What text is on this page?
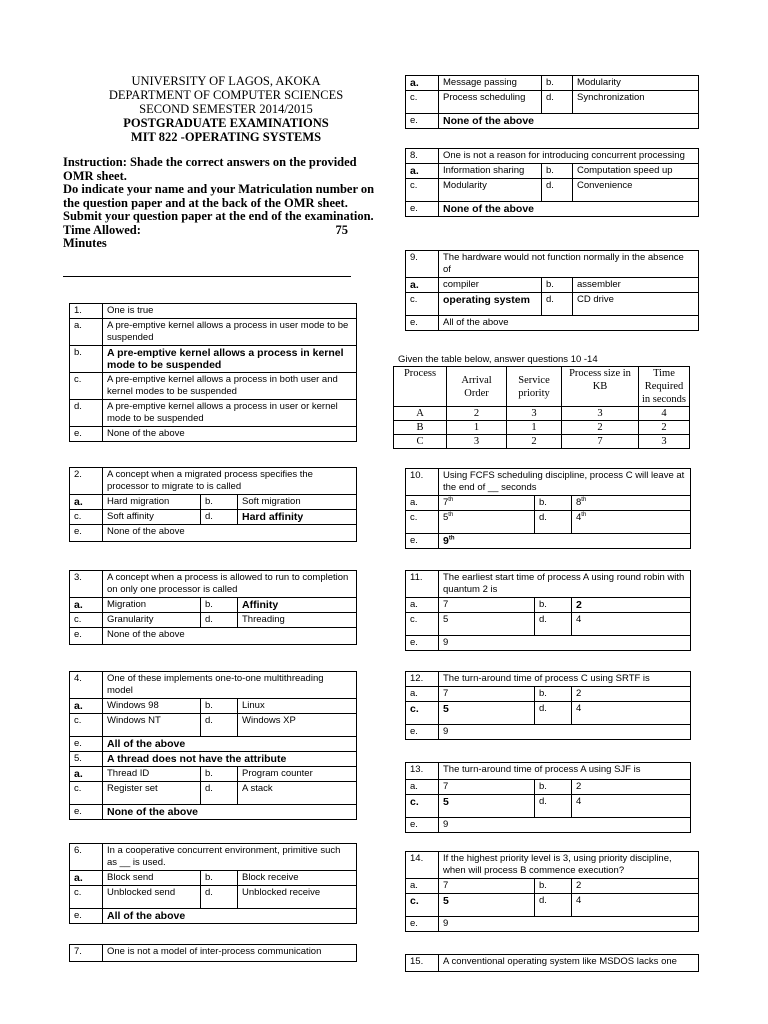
UNIVERSITY OF LAGOS, AKOKA
DEPARTMENT OF COMPUTER SCIENCES
SECOND SEMESTER 2014/2015
POSTGRADUATE EXAMINATIONS
MIT 822 -OPERATING SYSTEMS
Instruction: Shade the correct answers on the provided OMR sheet.
Do indicate your name and your Matriculation number on the question paper and at the back of the OMR sheet. Submit your question paper at the end of the examination.
Time Allowed:	75
Minutes
1.	One is true
a.	A pre-emptive kernel allows a process in user mode to be suspended
b.	A pre-emptive kernel allows a process in kernel mode to be suspended
c.	A pre-emptive kernel allows a process in both user and kernel modes to be suspended
d.	A pre-emptive kernel allows a process in user or kernel mode to be suspended
e.	None of the above
2.	A concept when a migrated process specifies the processor to migrate to is called		
a.	Hard migration	b.	Soft migration
c.	Soft affinity	d.	Hard affinity
e.	None of the above		
3.	A concept when a process is allowed to run to completion on only one processor is called		
a.	Migration	b.	Affinity
c.	Granularity	d.	Threading
e.	None of the above		
4.	One of these implements one-to-one multithreading model		
a.	Windows 98	b.	Linux
c.	Windows NT	d.	Windows XP
e.	All of the above		
5.	A thread does not have the attribute		
a.	Thread ID	b.	Program counter
c.	Register set	d.	A stack
e.	None of the above		
6.	In a cooperative concurrent environment, primitive such as __ is used.		
a.	Block send	b.	Block receive
c.	Unblocked send	d.	Unblocked receive
e.	All of the above		
7.	One is not a model of inter-process communication
a.	Message passing	b.	Modularity
c.	Process scheduling	d.	Synchronization
e.	None of the above		
8.	One is not a reason for introducing concurrent processing		
a.	Information sharing	b.	Computation speed up
c.	Modularity	d.	Convenience
e.	None of the above		
9.	The hardware would not function normally in the absence of		
a.	compiler	b.	assembler
c.	operating system	d.	CD drive
e.	All of the above		
Given the table below, answer questions 10 -14
Process	Arrival Order	Service priority	Process size in KB	Time Required in seconds
A	2	3	3	4
B	1	1	2	2
C	3	2	7	3
10.	Using FCFS scheduling discipline, process C will leave at the end of __ seconds		
a.	7th	b.	8th
c.	5th	d.	4th
e.	9th
11.	The earliest start time of process A using round robin with quantum 2 is		
a.	7	b.	2
c.	5	d.	4
e.	9		
12.	The turn-around time of process C using SRTF is		
a.	7	b.	2
c.	5	d.	4
e.	9		
13.	The turn-around time of process A using SJF is		
a.	7	b.	2
c.	5	d.	4
e.	9		
14.	If the highest priority level is 3, using priority discipline, when will process B commence execution?		
a.	7	b.	2
c.	5	d.	4
e.	9		
15.	A conventional operating system like MSDOS lacks one
